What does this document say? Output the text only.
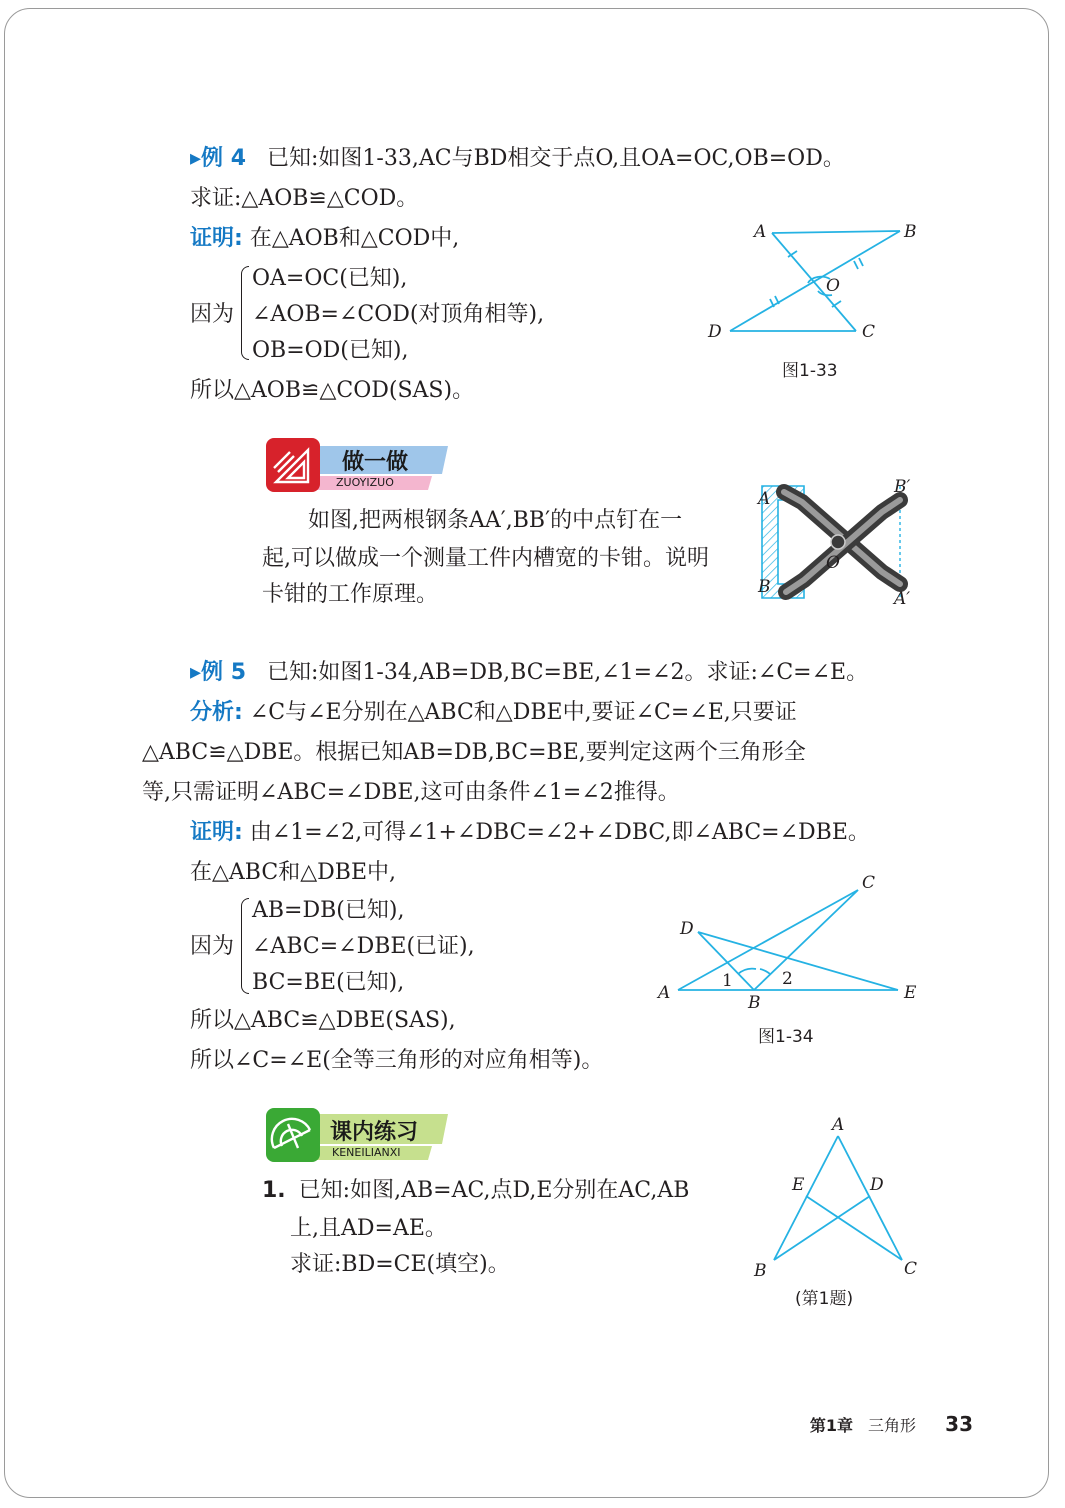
▸例 4 已知:如图1-33,AC与BD相交于点O,且OA=OC,OB=OD。
求证:△AOB≌△COD。
证明: 在△AOB和△COD中,
因为
OA=OC(已知),
∠AOB=∠COD(对顶角相等),
OB=OD(已知),
所以△AOB≌△COD(SAS)。
A	B
O
D	C
图1-33
做一做
ZUOYIZUO
如图,把两根钢条AA′,BB′的中点钉在一
起,可以做成一个测量工件内槽宽的卡钳。说明
卡钳的工作原理。
A
B
B′
A′
O
▸例 5 已知:如图1-34,AB=DB,BC=BE,∠1=∠2。求证:∠C=∠E。
分析: ∠C与∠E分别在△ABC和△DBE中,要证∠C=∠E,只要证
△ABC≌△DBE。根据已知AB=DB,BC=BE,要判定这两个三角形全
等,只需证明∠ABC=∠DBE,这可由条件∠1=∠2推得。
证明: 由∠1=∠2,可得∠1+∠DBC=∠2+∠DBC,即∠ABC=∠DBE。
在△ABC和△DBE中,
因为
AB=DB(已知),
∠ABC=∠DBE(已证),
BC=BE(已知),
所以△ABC≌△DBE(SAS),
所以∠C=∠E(全等三角形的对应角相等)。
A	B
C
D
E
1	2
图1-34
课内练习
KENEILIANXI
1. 已知:如图,AB=AC,点D,E分别在AC,AB
上,且AD=AE。
求证:BD=CE(填空)。
A
E	D
B	C
(第1题)
第1章 三角形 33
